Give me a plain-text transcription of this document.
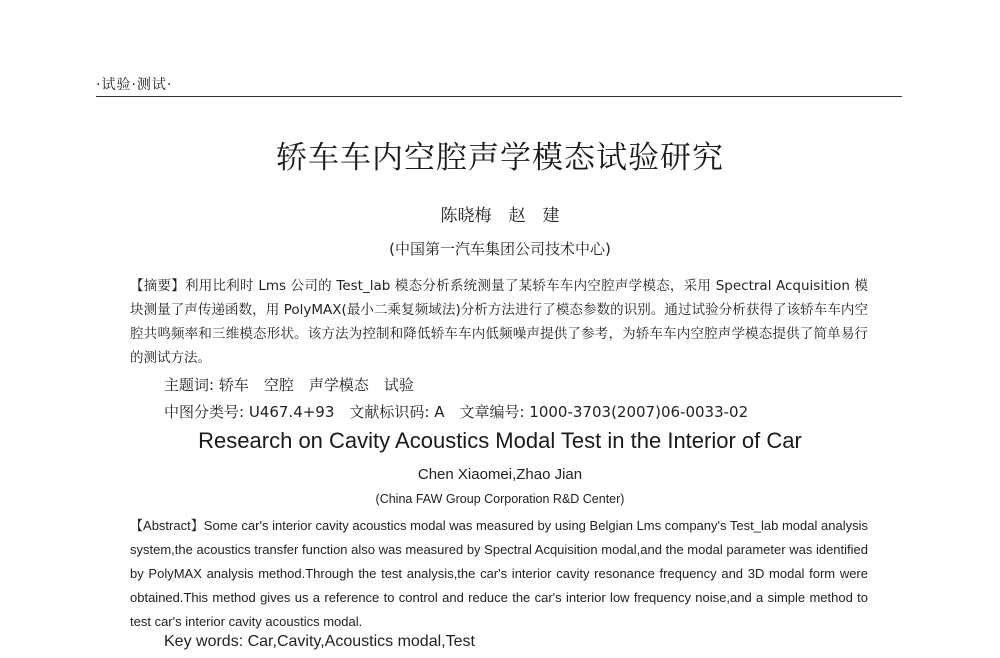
·试验·测试·
轿车车内空腔声学模态试验研究
陈晓梅　赵　建
(中国第一汽车集团公司技术中心)
【摘要】利用比利时 Lms 公司的 Test_lab 模态分析系统测量了某轿车车内空腔声学模态，采用 Spectral Acquisition 模块测量了声传递函数，用 PolyMAX(最小二乘复频域法)分析方法进行了模态参数的识别。通过试验分析获得了该轿车车内空腔共鸣频率和三维模态形状。该方法为控制和降低轿车车内低频噪声提供了参考，为轿车车内空腔声学模态提供了简单易行的测试方法。
主题词: 轿车　空腔　声学模态　试验
中图分类号: U467.4+93　文献标识码: A　文章编号: 1000-3703(2007)06-0033-02
Research on Cavity Acoustics Modal Test in the Interior of Car
Chen Xiaomei,Zhao Jian
(China FAW Group Corporation R&D Center)
【Abstract】Some car's interior cavity acoustics modal was measured by using Belgian Lms company's Test_lab modal analysis system,the acoustics transfer function also was measured by Spectral Acquisition modal,and the modal parameter was identified by PolyMAX analysis method.Through the test analysis,the car's interior cavity resonance frequency and 3D modal form were obtained.This method gives us a reference to control and reduce the car's interior low frequency noise,and a simple method to test car's interior cavity acoustics modal.
Key words: Car,Cavity,Acoustics modal,Test
